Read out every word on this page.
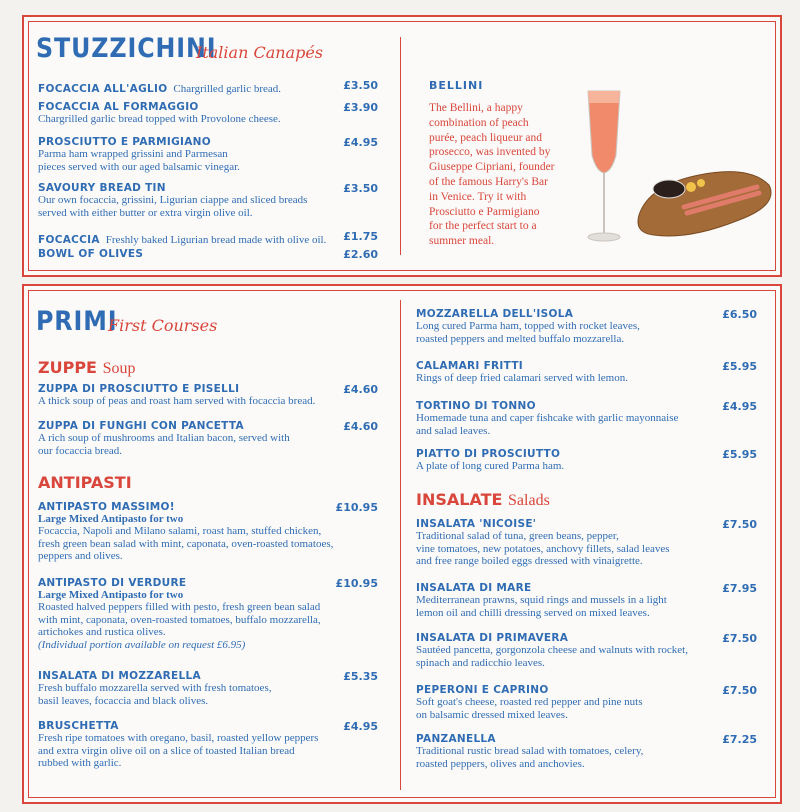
STUZZICHINI
Italian Canapés
FOCACCIA ALL'AGLIO Chargrilled garlic bread.	£3.50
FOCACCIA AL FORMAGGIO
Chargrilled garlic bread topped with Provolone cheese.
£3.90
PROSCIUTTO E PARMIGIANO
Parma ham wrapped grissini and Parmesan
pieces served with our aged balsamic vinegar.
£4.95
SAVOURY BREAD TIN
Our own focaccia, grissini, Ligurian ciappe and sliced breads
served with either butter or extra virgin olive oil.
£3.50
FOCACCIA Freshly baked Ligurian bread made with olive oil.	£1.75
BOWL OF OLIVES	£2.60
BELLINI
The Bellini, a happy
combination of peach
purée, peach liqueur and
prosecco, was invented by
Giuseppe Cipriani, founder
of the famous Harry's Bar
in Venice. Try it with
Prosciutto e Parmigiano
for the perfect start to a
summer meal.
PRIMI
First Courses
ZUPPE Soup
ZUPPA DI PROSCIUTTO E PISELLI
A thick soup of peas and roast ham served with focaccia bread.
£4.60
ZUPPA DI FUNGHI CON PANCETTA
A rich soup of mushrooms and Italian bacon, served with
our focaccia bread.
£4.60
ANTIPASTI
ANTIPASTO MASSIMO!
Large Mixed Antipasto for two
Focaccia, Napoli and Milano salami, roast ham, stuffed chicken,
fresh green bean salad with mint, caponata, oven-roasted tomatoes,
peppers and olives.
£10.95
ANTIPASTO DI VERDURE
Large Mixed Antipasto for two
Roasted halved peppers filled with pesto, fresh green bean salad
with mint, caponata, oven-roasted tomatoes, buffalo mozzarella,
artichokes and rustica olives.
(Individual portion available on request £6.95)
£10.95
INSALATA DI MOZZARELLA
Fresh buffalo mozzarella served with fresh tomatoes,
basil leaves, focaccia and black olives.
£5.35
BRUSCHETTA
Fresh ripe tomatoes with oregano, basil, roasted yellow peppers
and extra virgin olive oil on a slice of toasted Italian bread
rubbed with garlic.
£4.95
MOZZARELLA DELL'ISOLA
Long cured Parma ham, topped with rocket leaves,
roasted peppers and melted buffalo mozzarella.
£6.50
CALAMARI FRITTI
Rings of deep fried calamari served with lemon.
£5.95
TORTINO DI TONNO
Homemade tuna and caper fishcake with garlic mayonnaise
and salad leaves.
£4.95
PIATTO DI PROSCIUTTO
A plate of long cured Parma ham.
£5.95
INSALATE Salads
INSALATA 'NICOISE'
Traditional salad of tuna, green beans, pepper,
vine tomatoes, new potatoes, anchovy fillets, salad leaves
and free range boiled eggs dressed with vinaigrette.
£7.50
INSALATA DI MARE
Mediterranean prawns, squid rings and mussels in a light
lemon oil and chilli dressing served on mixed leaves.
£7.95
INSALATA DI PRIMAVERA
Sautéed pancetta, gorgonzola cheese and walnuts with rocket,
spinach and radicchio leaves.
£7.50
PEPERONI E CAPRINO
Soft goat's cheese, roasted red pepper and pine nuts
on balsamic dressed mixed leaves.
£7.50
PANZANELLA
Traditional rustic bread salad with tomatoes, celery,
roasted peppers, olives and anchovies.
£7.25
